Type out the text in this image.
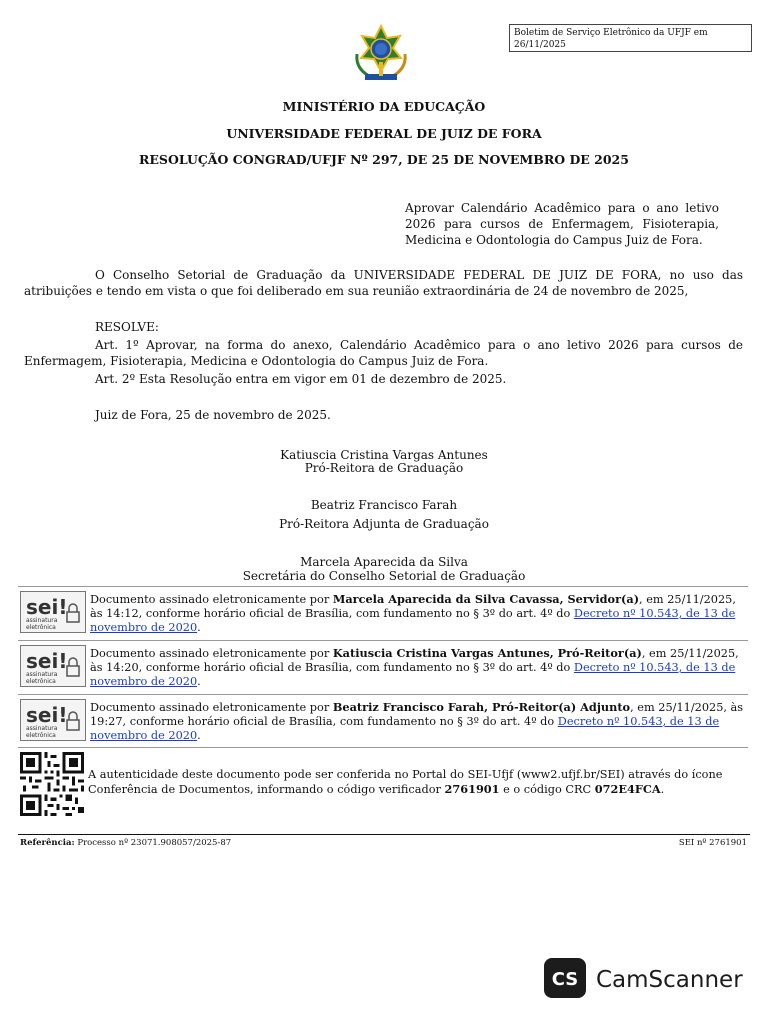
Boletim de Serviço Eletrônico da UFJF em 26/11/2025
MINISTÉRIO DA EDUCAÇÃO
UNIVERSIDADE FEDERAL DE JUIZ DE FORA
RESOLUÇÃO CONGRAD/UFJF Nº 297, DE 25 DE NOVEMBRO DE 2025
Aprovar Calendário Acadêmico para o ano letivo 2026 para cursos de Enfermagem, Fisioterapia, Medicina e Odontologia do Campus Juiz de Fora.
O Conselho Setorial de Graduação da UNIVERSIDADE FEDERAL DE JUIZ DE FORA, no uso das atribuições e tendo em vista o que foi deliberado em sua reunião extraordinária de 24 de novembro de 2025,
RESOLVE:
Art. 1º Aprovar, na forma do anexo, Calendário Acadêmico para o ano letivo 2026 para cursos de Enfermagem, Fisioterapia, Medicina e Odontologia do Campus Juiz de Fora.
Art. 2º Esta Resolução entra em vigor em 01 de dezembro de 2025.
Juiz de Fora, 25 de novembro de 2025.
Katiuscia Cristina Vargas Antunes
Pró-Reitora de Graduação
Beatriz Francisco Farah
Pró-Reitora Adjunta de Graduação
Marcela Aparecida da Silva
Secretária do Conselho Setorial de Graduação
sei!
assinatura
eletrônica
Documento assinado eletronicamente por Marcela Aparecida da Silva Cavassa, Servidor(a), em 25/11/2025, às 14:12, conforme horário oficial de Brasília, com fundamento no § 3º do art. 4º do Decreto nº 10.543, de 13 de novembro de 2020.
sei!
assinatura
eletrônica
Documento assinado eletronicamente por Katiuscia Cristina Vargas Antunes, Pró-Reitor(a), em 25/11/2025, às 14:20, conforme horário oficial de Brasília, com fundamento no § 3º do art. 4º do Decreto nº 10.543, de 13 de novembro de 2020.
sei!
assinatura
eletrônica
Documento assinado eletronicamente por Beatriz Francisco Farah, Pró-Reitor(a) Adjunto, em 25/11/2025, às 19:27, conforme horário oficial de Brasília, com fundamento no § 3º do art. 4º do Decreto nº 10.543, de 13 de novembro de 2020.
A autenticidade deste documento pode ser conferida no Portal do SEI-Ufjf (www2.ufjf.br/SEI) através do ícone Conferência de Documentos, informando o código verificador 2761901 e o código CRC 072E4FCA.
Referência: Processo nº 23071.908057/2025-87	SEI nº 2761901
CS CamScanner
